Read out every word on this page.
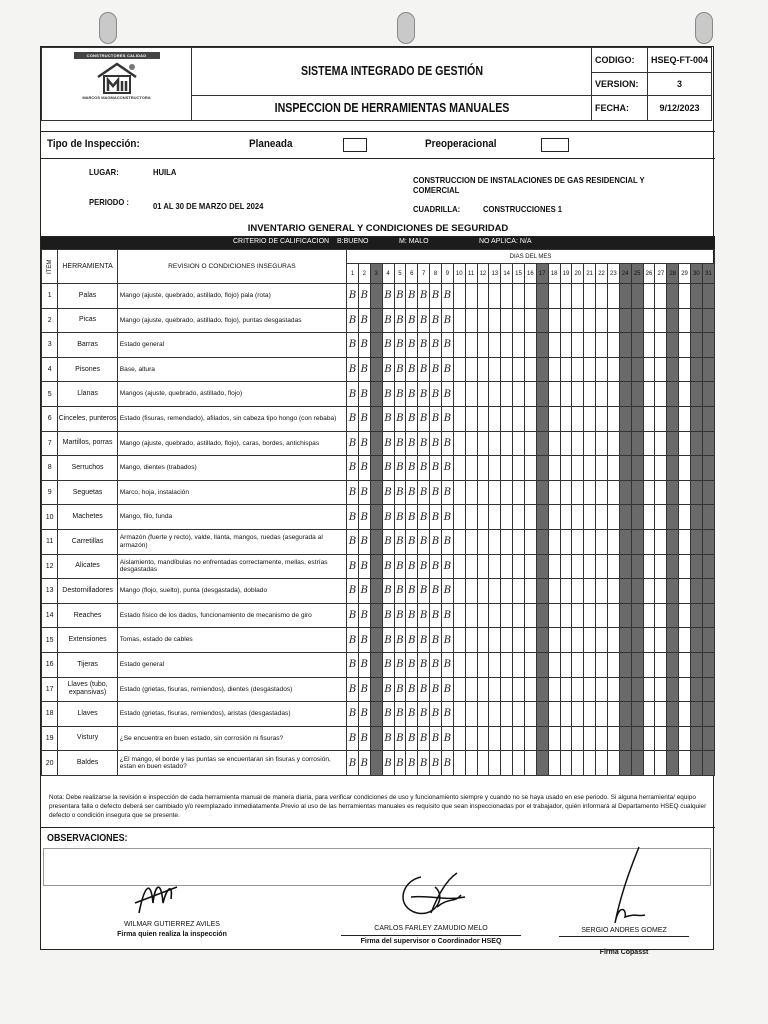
CONSTRUCTORES CALIDAD
MARCOS MAGMACONSTRUCTORA	SISTEMA INTEGRADO DE GESTIÓN	CODIGO:	HSEQ-FT-004
		VERSION:	3
	INSPECCION DE HERRAMIENTAS MANUALES	FECHA:	9/12/2023
Tipo de Inspección:	Planeada	Preoperacional
LUGAR:	HUILA
CONSTRUCCION DE INSTALACIONES DE GAS RESIDENCIAL Y COMERCIAL
PERIODO :	01 AL 30 DE MARZO DEL 2024	CUADRILLA:	CONSTRUCCIONES 1
INVENTARIO GENERAL Y CONDICIONES DE SEGURIDAD
CRITERIO DE CALIFICACION B:BUENO	M: MALO	NO APLICA: N/A
ITEM	HERRAMIENTA	REVISION O CONDICIONES INSEGURAS	DIAS DEL MES																														
			1	2	3	4	5	6	7	8	9	10	11	12	13	14	15	16	17	18	19	20	21	22	23	24	25	26	27	28	29	30	31
1	Palas	Mango (ajuste, quebrado, astillado, flojo) pala (rota)	B	B		B	B	B	B	B	B																						
2	Picas	Mango (ajuste, quebrado, astillado, flojo), puntas desgastadas	B	B		B	B	B	B	B	B																						
3	Barras	Estado general	B	B		B	B	B	B	B	B																						
4	Pisones	Base, altura	B	B		B	B	B	B	B	B																						
5	Llanas	Mangos (ajuste, quebrado, astillado, flojo)	B	B		B	B	B	B	B	B																						
6	Cinceles, punteros	Estado (fisuras, remendado), afilados, sin cabeza tipo hongo (con rebaba)	B	B		B	B	B	B	B	B																						
7	Martillos, porras	Mango (ajuste, quebrado, astillado, flojo), caras, bordes, antichispas	B	B		B	B	B	B	B	B																						
8	Serruchos	Mango, dientes (trabados)	B	B		B	B	B	B	B	B																						
9	Seguetas	Marco, hoja, instalación	B	B		B	B	B	B	B	B																						
10	Machetes	Mango, filo, funda	B	B		B	B	B	B	B	B																						
11	Carretillas	Armazón (fuerte y recto), valde, llanta, mangos, ruedas (asegurada al armazón)	B	B		B	B	B	B	B	B																						
12	Alicates	Aislamiento, mandíbulas no enfrentadas correctamente, mellas, estrías desgastadas	B	B		B	B	B	B	B	B																						
13	Destornilladores	Mango (flojo, suelto), punta (desgastada), doblado	B	B		B	B	B	B	B	B																						
14	Reaches	Estado físico de los dados, funcionamiento de mecanismo de giro	B	B		B	B	B	B	B	B																						
15	Extensiones	Tomas, estado de cables	B	B		B	B	B	B	B	B																						
16	Tijeras	Estado general	B	B		B	B	B	B	B	B																						
17	Llaves (tubo, expansivas)	Estado (grietas, fisuras, remiendos), dientes (desgastados)	B	B		B	B	B	B	B	B																						
18	Llaves	Estado (grietas, fisuras, remiendos), aristas (desgastadas)	B	B		B	B	B	B	B	B																						
19	Vistury	¿Se encuentra en buen estado, sin corrosión ni fisuras?	B	B		B	B	B	B	B	B																						
20	Baldes	¿El mango, el borde y las puntas se encuentaran sin fisuras y corrosión, estan en buen estado?	B	B		B	B	B	B	B	B																						
Nota: Debe realizarse la revisión e inspección de cada herramienta manual de manera diaria, para verificar condiciones de uso y funcionamiento siempre y cuando no se haya usado en ese periodo. Si alguna herramienta/ equipo presentara falla o defecto deberá ser cambiado y/o reemplazado inmediatamente.Previo al uso de las herramientas manuales es requisito que sean inspeccionadas por el trabajador, quién informará al Departamento HSEQ cualquier defecto o condición insegura que se presente.
OBSERVACIONES:
WILMAR GUTIERREZ AVILES
Firma quien realiza la inspección
CARLOS FARLEY ZAMUDIO MELO
Firma del supervisor o Coordinador HSEQ
SERGIO ANDRES GOMEZ
Firma Copasst
